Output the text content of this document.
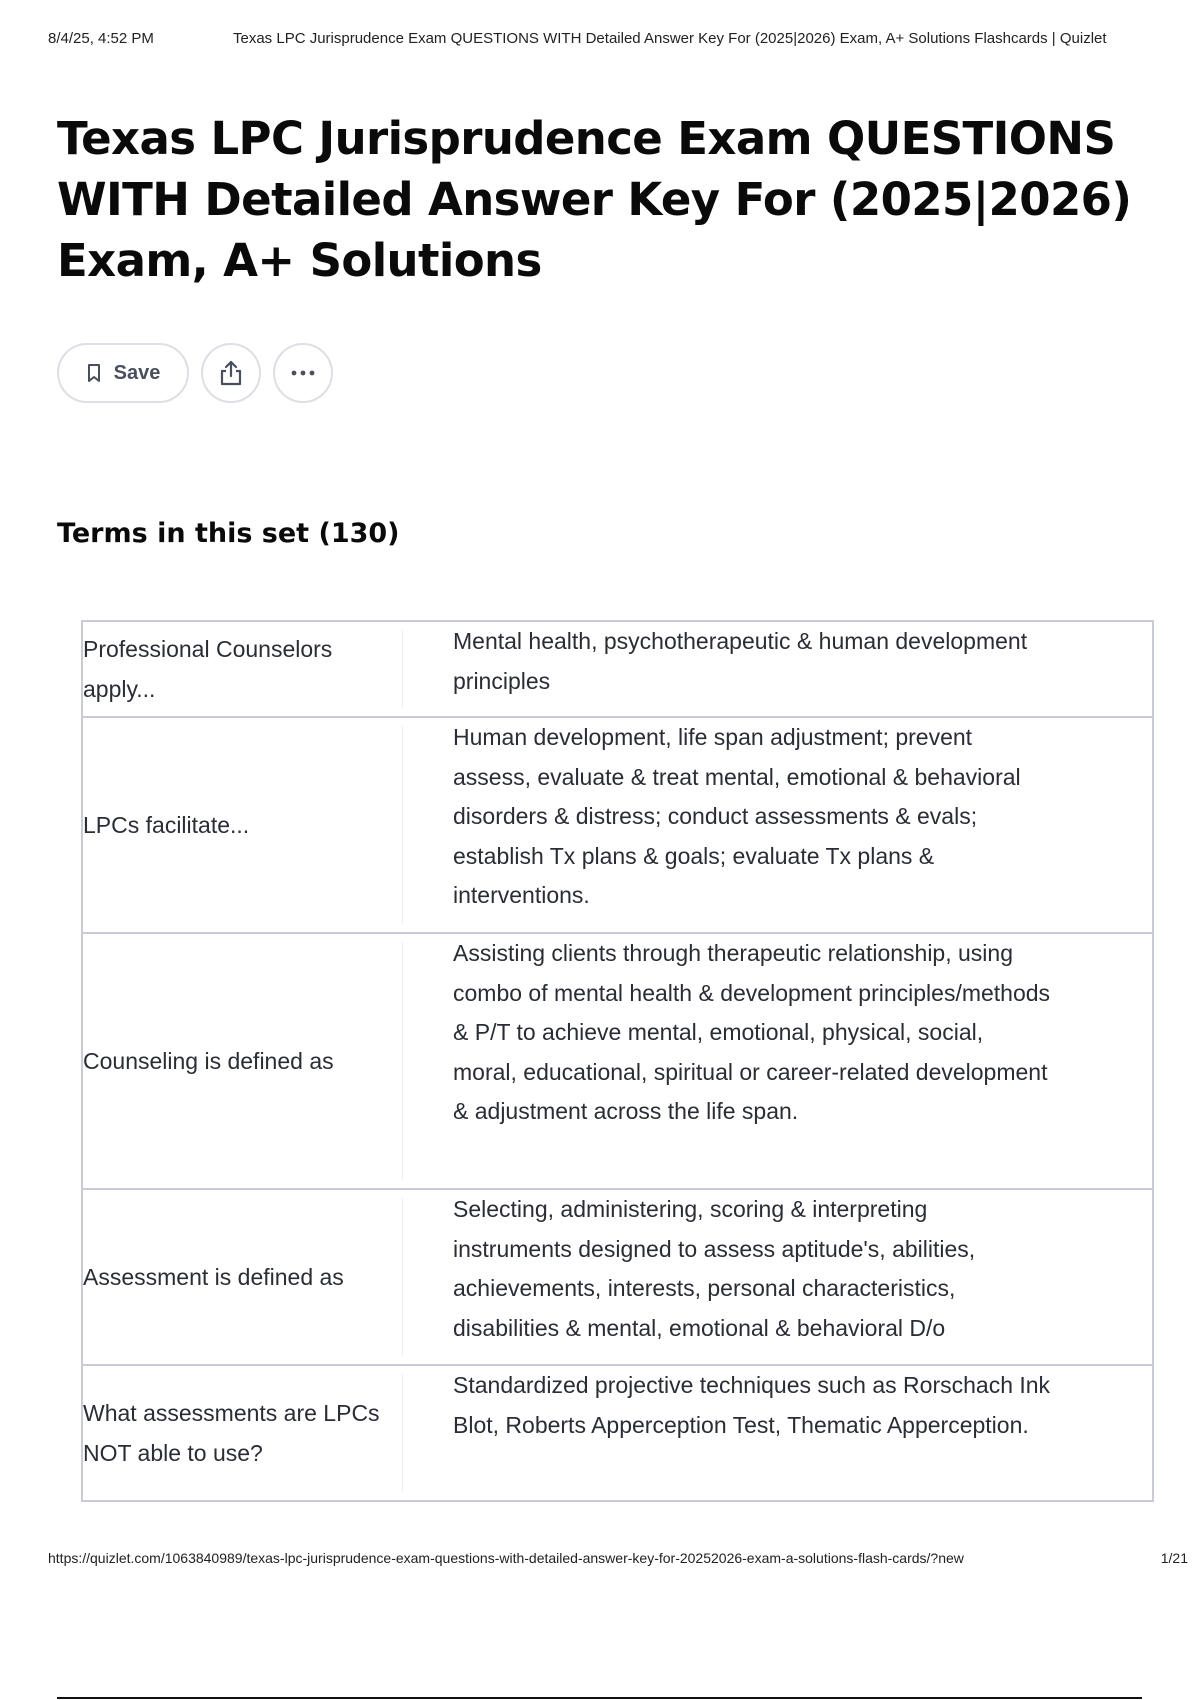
8/4/25, 4:52 PM	Texas LPC Jurisprudence Exam QUESTIONS WITH Detailed Answer Key For (2025|2026) Exam, A+ Solutions Flashcards | Quizlet
Texas LPC Jurisprudence Exam QUESTIONS WITH Detailed Answer Key For (2025|2026) Exam, A+ Solutions
Save
Terms in this set (130)
Professional Counselors apply...
Mental health, psychotherapeutic & human development principles
LPCs facilitate...
Human development, life span adjustment; prevent assess, evaluate & treat mental, emotional & behavioral disorders & distress; conduct assessments & evals; establish Tx plans & goals; evaluate Tx plans & interventions.
Counseling is defined as
Assisting clients through therapeutic relationship, using combo of mental health & development principles/methods & P/T to achieve mental, emotional, physical, social, moral, educational, spiritual or career-related development & adjustment across the life span.
Assessment is defined as
Selecting, administering, scoring & interpreting instruments designed to assess aptitude's, abilities, achievements, interests, personal characteristics, disabilities & mental, emotional & behavioral D/o
What assessments are LPCs NOT able to use?
Standardized projective techniques such as Rorschach Ink Blot, Roberts Apperception Test, Thematic Apperception.
https://quizlet.com/1063840989/texas-lpc-jurisprudence-exam-questions-with-detailed-answer-key-for-20252026-exam-a-solutions-flash-cards/?new	1/21
